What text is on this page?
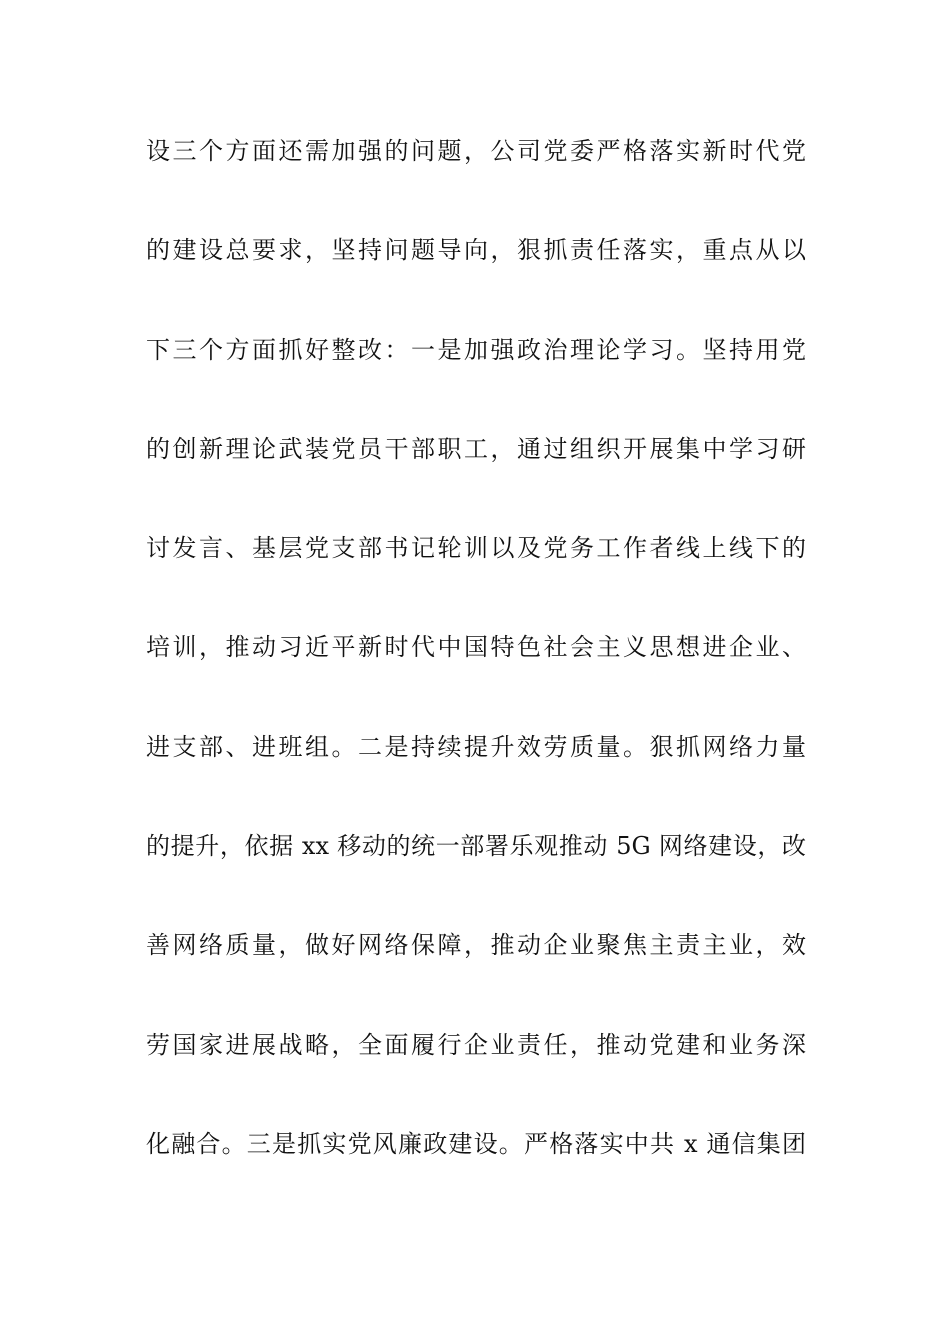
设三个方面还需加强的问题，公司党委严格落实新时代党
的建设总要求，坚持问题导向，狠抓责任落实，重点从以
下三个方面抓好整改：一是加强政治理论学习。坚持用党
的创新理论武装党员干部职工，通过组织开展集中学习研
讨发言、基层党支部书记轮训以及党务工作者线上线下的
培训，推动习近平新时代中国特色社会主义思想进企业、
进支部、进班组。二是持续提升效劳质量。狠抓网络力量
的提升，依据 xx 移动的统一部署乐观推动 5G 网络建设，改
善网络质量，做好网络保障，推动企业聚焦主责主业，效
劳国家进展战略，全面履行企业责任，推动党建和业务深
化融合。三是抓实党风廉政建设。严格落实中共 x 通信集团
